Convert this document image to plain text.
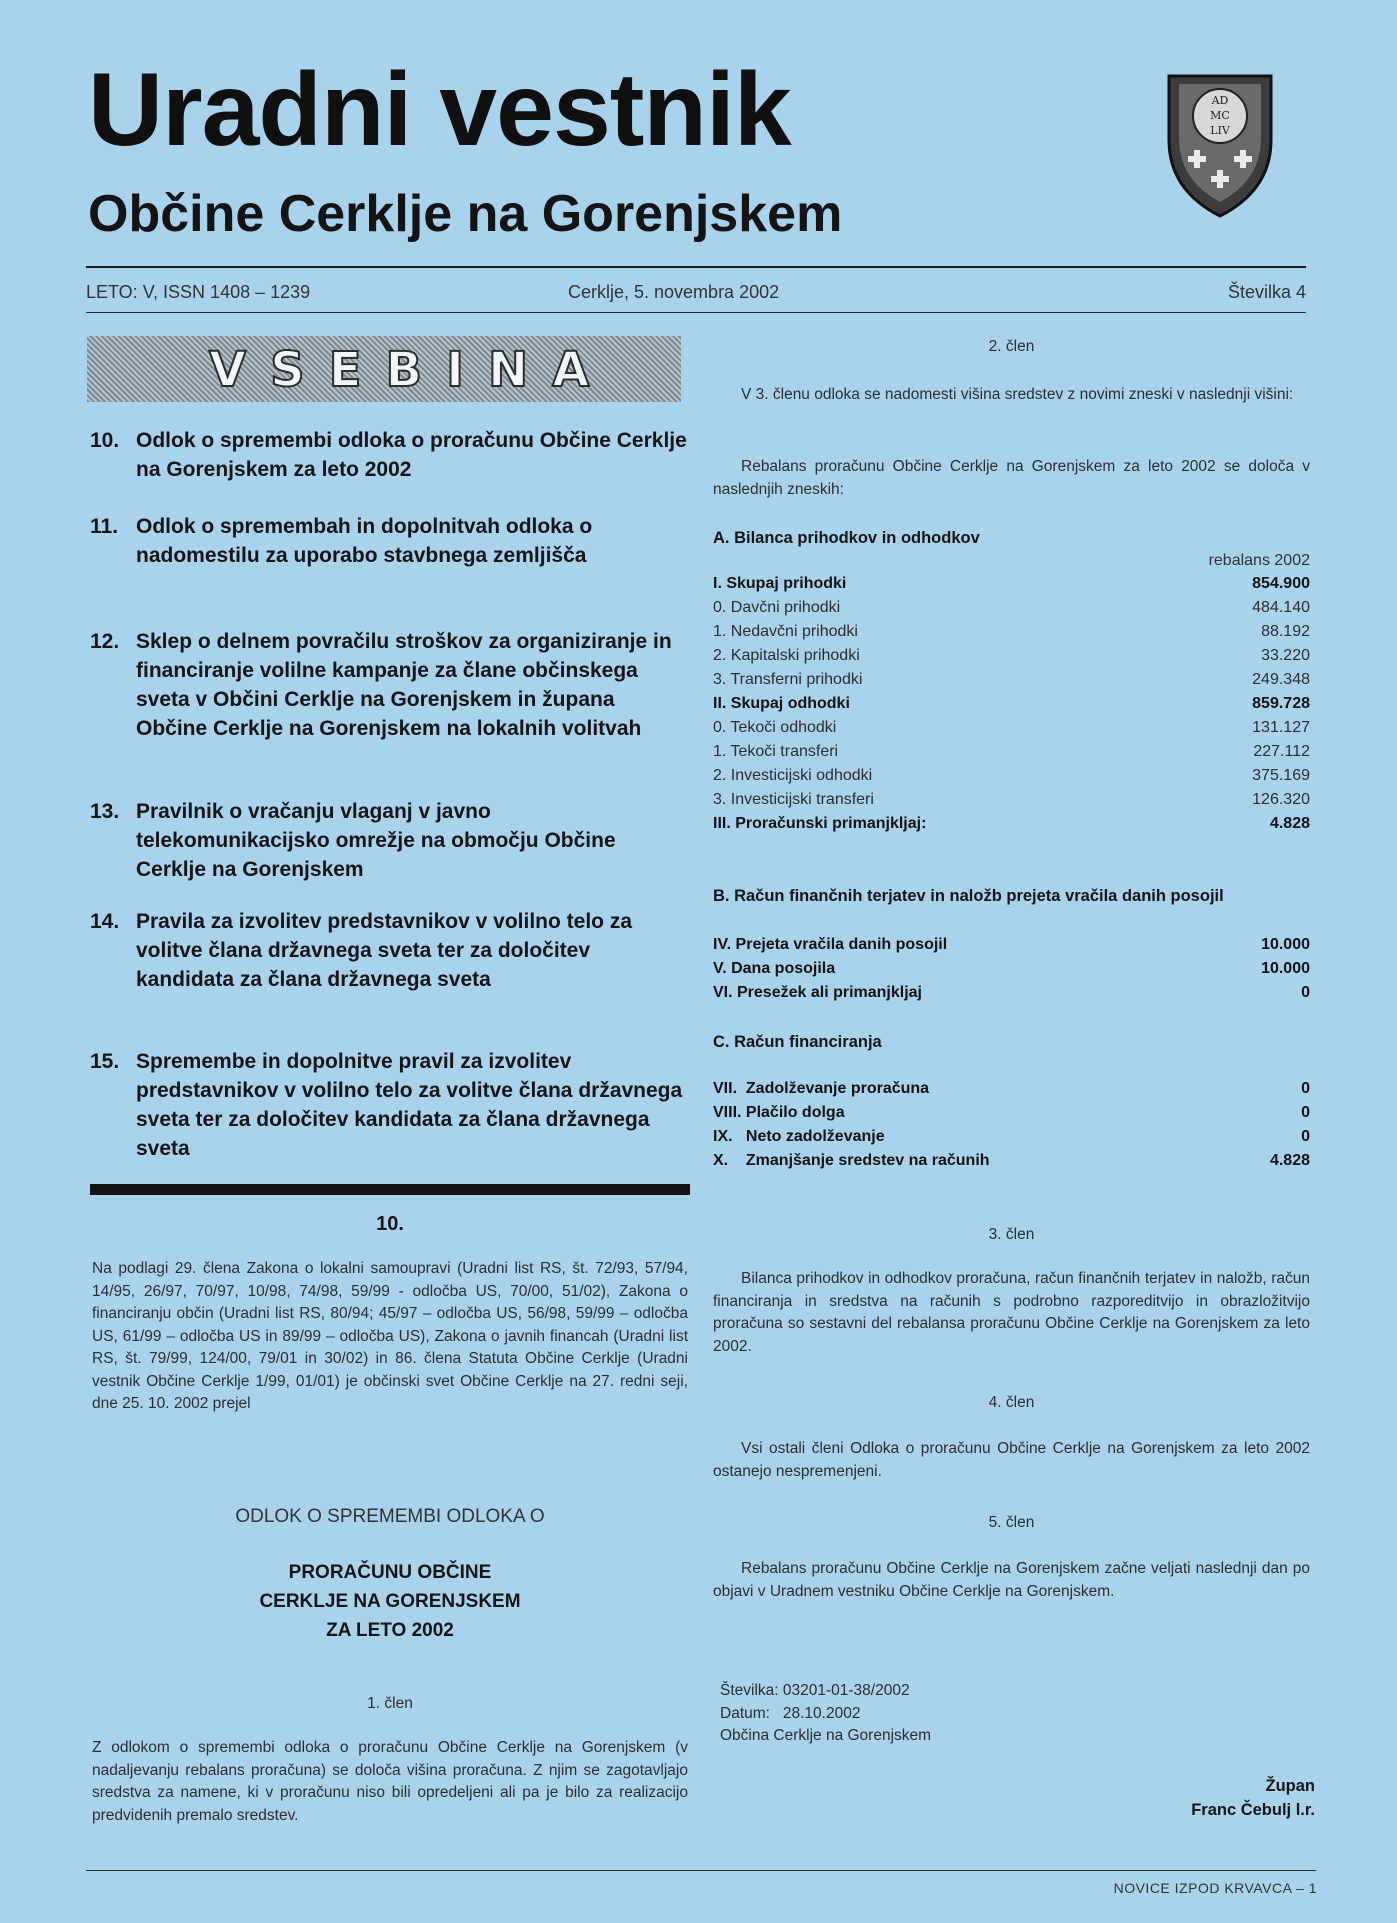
Uradni vestnik
Občine Cerklje na Gorenjskem
AD
MC
LIV
LETO: V, ISSN 1408 – 1239	Cerklje, 5. novembra 2002	Številka 4
VSEBINA
10. Odlok o spremembi odloka o proračunu Občine Cerklje na Gorenjskem za leto 2002
11. Odlok o spremembah in dopolnitvah odloka o nadomestilu za uporabo stavbnega zemljišča
12. Sklep o delnem povračilu stroškov za organiziranje in financiranje volilne kampanje za člane občinskega sveta v Občini Cerklje na Gorenjskem in župana Občine Cerklje na Gorenjskem na lokalnih volitvah
13. Pravilnik o vračanju vlaganj v javno telekomunikacijsko omrežje na območju Občine Cerklje na Gorenjskem
14. Pravila za izvolitev predstavnikov v volilno telo za volitve člana državnega sveta ter za določitev kandidata za člana državnega sveta
15. Spremembe in dopolnitve pravil za izvolitev predstavnikov v volilno telo za volitve člana državnega sveta ter za določitev kandidata za člana državnega sveta
10.
Na podlagi 29. člena Zakona o lokalni samoupravi (Uradni list RS, št. 72/93, 57/94, 14/95, 26/97, 70/97, 10/98, 74/98, 59/99 - odločba US, 70/00, 51/02), Zakona o financiranju občin (Uradni list RS, 80/94; 45/97 – odločba US, 56/98, 59/99 – odločba US, 61/99 – odločba US in 89/99 – odločba US), Zakona o javnih financah (Uradni list RS, št. 79/99, 124/00, 79/01 in 30/02) in 86. člena Statuta Občine Cerklje (Uradni vestnik Občine Cerklje 1/99, 01/01) je občinski svet Občine Cerklje na 27. redni seji, dne 25. 10. 2002 prejel
ODLOK O SPREMEMBI ODLOKA O
PRORAČUNU OBČINE
CERKLJE NA GORENJSKEM
ZA LETO 2002
1. člen
Z odlokom o spremembi odloka o proračunu Občine Cerklje na Gorenjskem (v nadaljevanju rebalans proračuna) se določa višina proračuna. Z njim se zagotavljajo sredstva za namene, ki v proračunu niso bili opredeljeni ali pa je bilo za realizacijo predvidenih premalo sredstev.
2. člen
V 3. členu odloka se nadomesti višina sredstev z novimi zneski v naslednji višini:
Rebalans proračunu Občine Cerklje na Gorenjskem za leto 2002 se določa v naslednjih zneskih:
A. Bilanca prihodkov in odhodkov
rebalans 2002
I. Skupaj prihodki	854.900
0. Davčni prihodki	484.140
1. Nedavčni prihodki	88.192
2. Kapitalski prihodki	33.220
3. Transferni prihodki	249.348
II. Skupaj odhodki	859.728
0. Tekoči odhodki	131.127
1. Tekoči transferi	227.112
2. Investicijski odhodki	375.169
3. Investicijski transferi	126.320
III. Proračunski primanjkljaj:	4.828
B. Račun finančnih terjatev in naložb prejeta vračila danih posojil
IV. Prejeta vračila danih posojil	10.000
V. Dana posojila	10.000
VI. Presežek ali primanjkljaj	0
C. Račun financiranja
VII.  Zadolževanje proračuna	0
VIII. Plačilo dolga	0
IX.   Neto zadolževanje	0
X.    Zmanjšanje sredstev na računih	4.828
3. člen
Bilanca prihodkov in odhodkov proračuna, račun finančnih terjatev in naložb, račun financiranja in sredstva na računih s podrobno razporeditvijo in obrazložitvijo proračuna so sestavni del rebalansa proračunu Občine Cerklje na Gorenjskem za leto 2002.
4. člen
Vsi ostali členi Odloka o proračunu Občine Cerklje na Gorenjskem za leto 2002 ostanejo nespremenjeni.
5. člen
Rebalans proračunu Občine Cerklje na Gorenjskem začne veljati naslednji dan po objavi v Uradnem vestniku Občine Cerklje na Gorenjskem.
Številka: 03201-01-38/2002
Datum:   28.10.2002
Občina Cerklje na Gorenjskem
Župan
Franc Čebulj l.r.
NOVICE IZPOD KRVAVCA – 1
